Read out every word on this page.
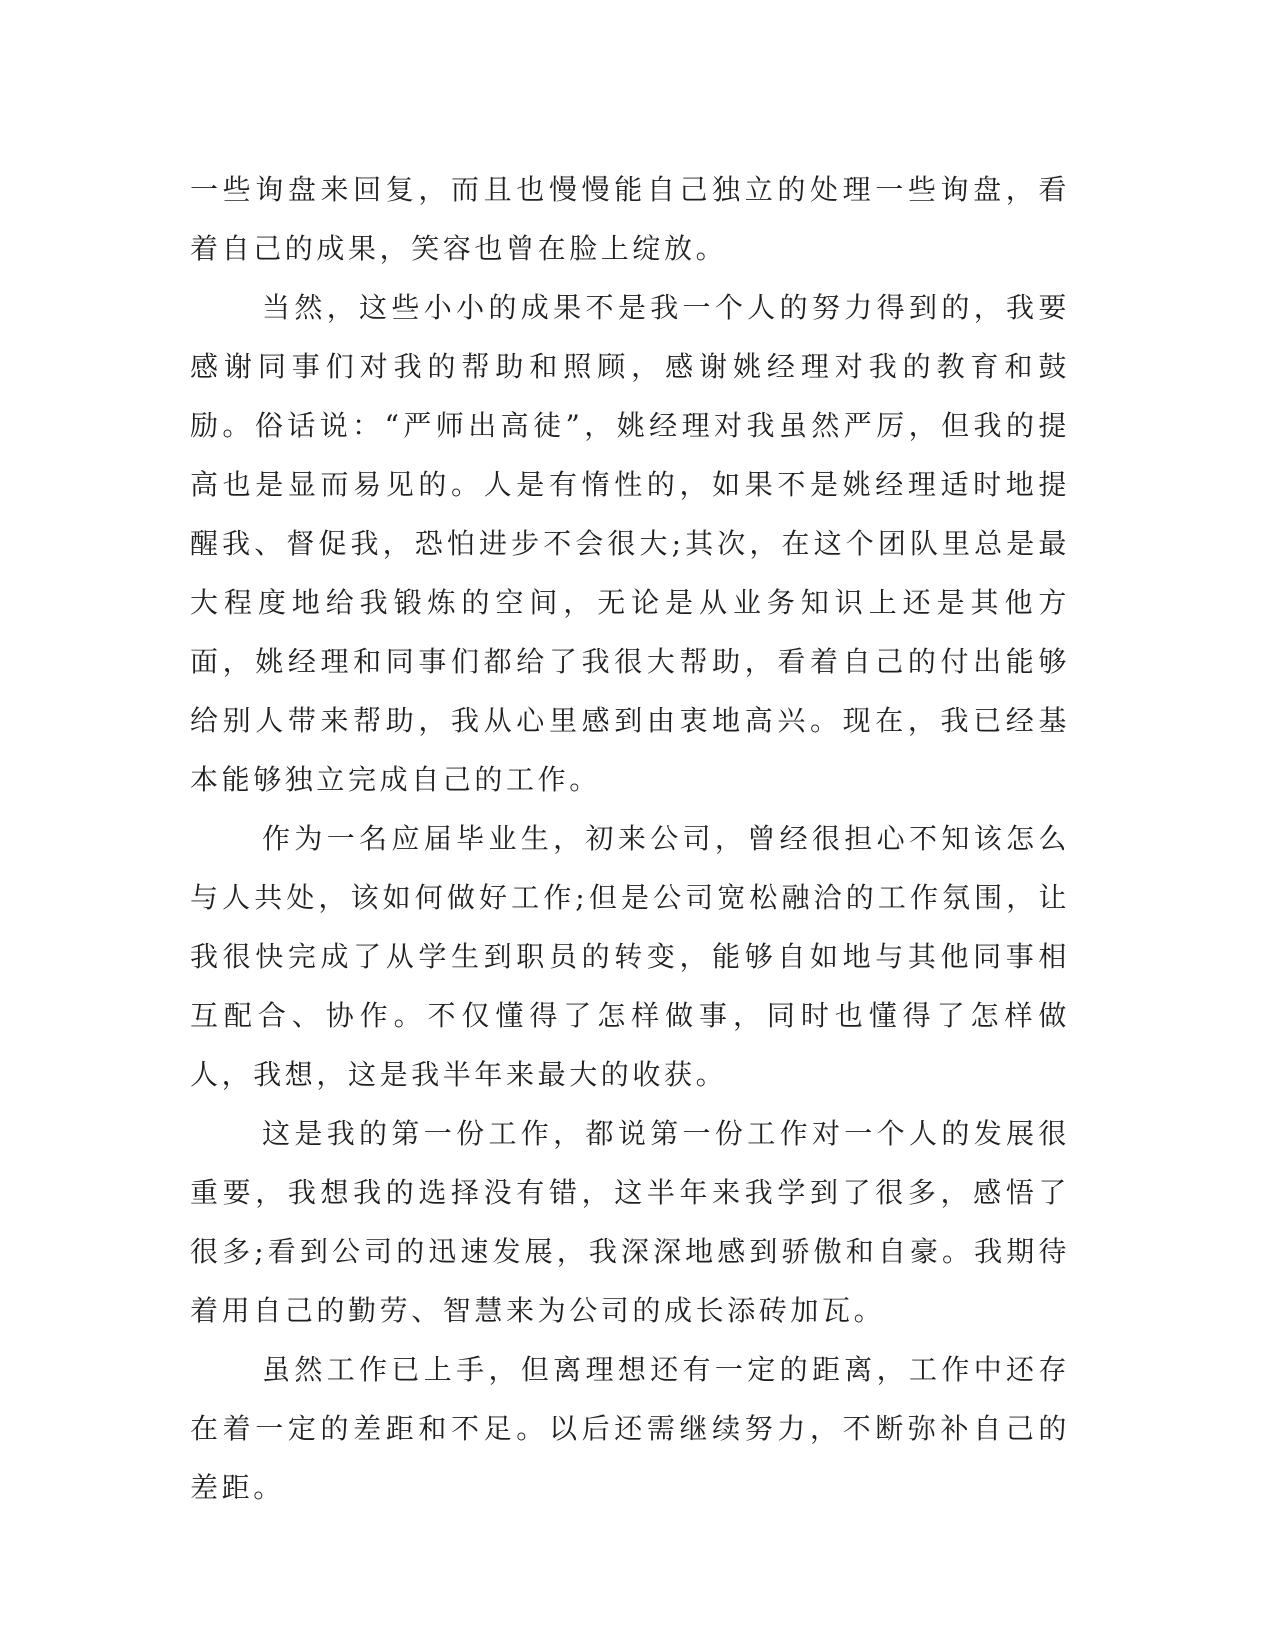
一些询盘来回复，而且也慢慢能自己独立的处理一些询盘，看着自己的成果，笑容也曾在脸上绽放。

当然，这些小小的成果不是我一个人的努力得到的，我要感谢同事们对我的帮助和照顾，感谢姚经理对我的教育和鼓励。俗话说：“严师出高徒”，姚经理对我虽然严厉，但我的提高也是显而易见的。人是有惰性的，如果不是姚经理适时地提醒我、督促我，恐怕进步不会很大;其次，在这个团队里总是最大程度地给我锻炼的空间，无论是从业务知识上还是其他方面，姚经理和同事们都给了我很大帮助，看着自己的付出能够给别人带来帮助，我从心里感到由衷地高兴。现在，我已经基本能够独立完成自己的工作。

作为一名应届毕业生，初来公司，曾经很担心不知该怎么与人共处，该如何做好工作;但是公司宽松融洽的工作氛围，让我很快完成了从学生到职员的转变，能够自如地与其他同事相互配合、协作。不仅懂得了怎样做事，同时也懂得了怎样做人，我想，这是我半年来最大的收获。

这是我的第一份工作，都说第一份工作对一个人的发展很重要，我想我的选择没有错，这半年来我学到了很多，感悟了很多;看到公司的迅速发展，我深深地感到骄傲和自豪。我期待着用自己的勤劳、智慧来为公司的成长添砖加瓦。

虽然工作已上手，但离理想还有一定的距离，工作中还存在着一定的差距和不足。以后还需继续努力，不断弥补自己的差距。
